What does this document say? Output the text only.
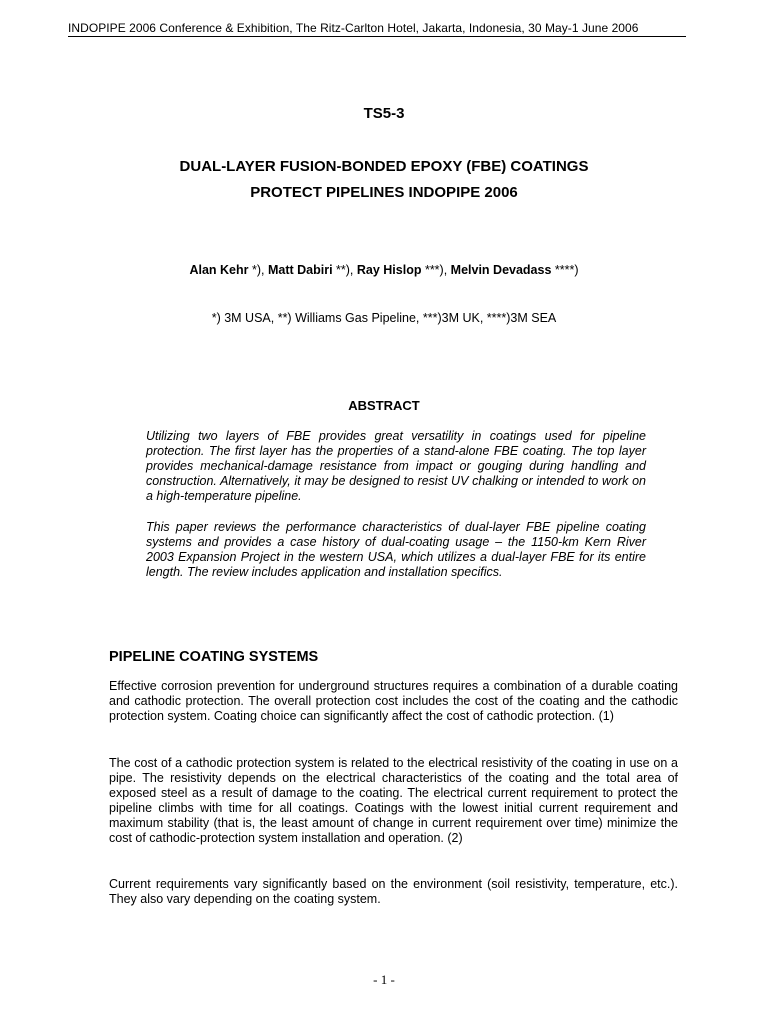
INDOPIPE 2006 Conference & Exhibition, The Ritz-Carlton Hotel, Jakarta, Indonesia, 30 May-1 June 2006
TS5-3
DUAL-LAYER FUSION-BONDED EPOXY (FBE) COATINGS
PROTECT PIPELINES INDOPIPE 2006
Alan Kehr *), Matt Dabiri **), Ray Hislop ***), Melvin Devadass ****)
*) 3M USA, **) Williams Gas Pipeline, ***)3M UK, ****)3M SEA
ABSTRACT
Utilizing two layers of FBE provides great versatility in coatings used for pipeline protection. The first layer has the properties of a stand-alone FBE coating. The top layer provides mechanical-damage resistance from impact or gouging during handling and construction. Alternatively, it may be designed to resist UV chalking or intended to work on a high-temperature pipeline.
This paper reviews the performance characteristics of dual-layer FBE pipeline coating systems and provides a case history of dual-coating usage – the 1150-km Kern River 2003 Expansion Project in the western USA, which utilizes a dual-layer FBE for its entire length. The review includes application and installation specifics.
PIPELINE COATING SYSTEMS
Effective corrosion prevention for underground structures requires a combination of a durable coating and cathodic protection. The overall protection cost includes the cost of the coating and the cathodic protection system. Coating choice can significantly affect the cost of cathodic protection. (1)
The cost of a cathodic protection system is related to the electrical resistivity of the coating in use on a pipe. The resistivity depends on the electrical characteristics of the coating and the total area of exposed steel as a result of damage to the coating. The electrical current requirement to protect the pipeline climbs with time for all coatings. Coatings with the lowest initial current requirement and maximum stability (that is, the least amount of change in current requirement over time) minimize the cost of cathodic-protection system installation and operation. (2)
Current requirements vary significantly based on the environment (soil resistivity, temperature, etc.). They also vary depending on the coating system.
- 1 -
